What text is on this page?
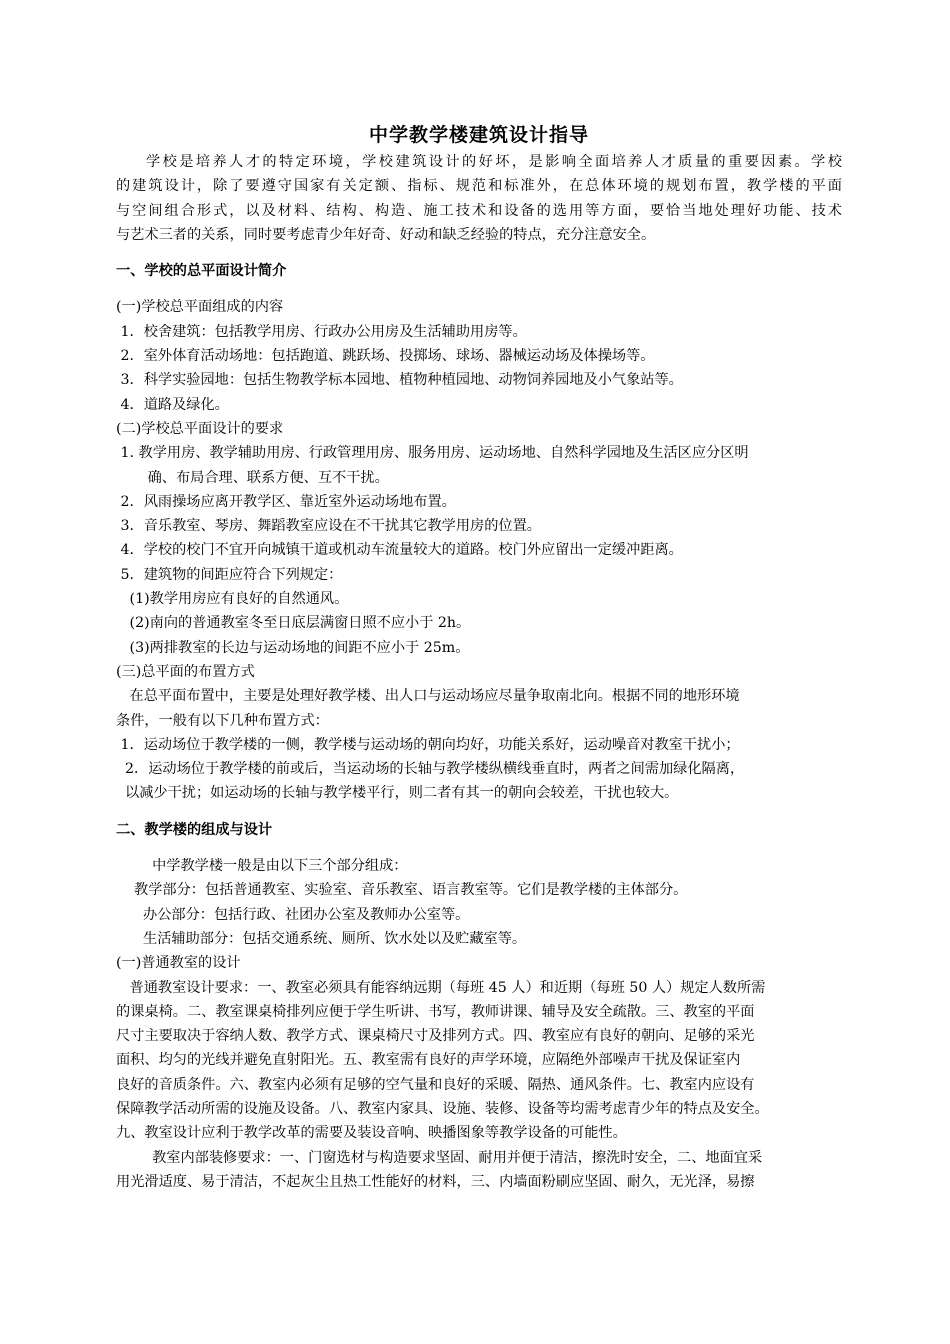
中学教学楼建筑设计指导
学校是培养人才的特定环境，学校建筑设计的好坏，是影响全面培养人才质量的重要因素。学校
的建筑设计，除了要遵守国家有关定额、指标、规范和标准外，在总体环境的规划布置，教学楼的平面
与空间组合形式，以及材料、结构、构造、施工技术和设备的选用等方面，要恰当地处理好功能、技术
与艺术三者的关系，同时要考虑青少年好奇、好动和缺乏经验的特点，充分注意安全。
一、学校的总平面设计简介
(一)学校总平面组成的内容
1．校舍建筑：包括教学用房、行政办公用房及生活辅助用房等。
2．室外体育活动场地：包括跑道、跳跃场、投掷场、球场、器械运动场及体操场等。
3．科学实验园地：包括生物教学标本园地、植物种植园地、动物饲养园地及小气象站等。
4．道路及绿化。
(二)学校总平面设计的要求
1. 教学用房、教学辅助用房、行政管理用房、服务用房、运动场地、自然科学园地及生活区应分区明
确、布局合理、联系方便、互不干扰。
2．风雨操场应离开教学区、靠近室外运动场地布置。
3．音乐教室、琴房、舞蹈教室应设在不干扰其它教学用房的位置。
4．学校的校门不宜开向城镇干道或机动车流量较大的道路。校门外应留出一定缓冲距离。
5．建筑物的间距应符合下列规定：
(1)教学用房应有良好的自然通风。
(2)南向的普通教室冬至日底层满窗日照不应小于 2h。
(3)两排教室的长边与运动场地的间距不应小于 25m。
(三)总平面的布置方式
在总平面布置中，主要是处理好教学楼、出人口与运动场应尽量争取南北向。根据不同的地形环境
条件，一般有以下几种布置方式：
1．运动场位于教学楼的一侧，教学楼与运动场的朝向均好，功能关系好，运动噪音对教室干扰小；
2．运动场位于教学楼的前或后，当运动场的长轴与教学楼纵横线垂直时，两者之间需加绿化隔离，
以减少干扰；如运动场的长轴与教学楼平行，则二者有其一的朝向会较差，干扰也较大。
二、教学楼的组成与设计
中学教学楼一般是由以下三个部分组成：
教学部分：包括普通教室、实验室、音乐教室、语言教室等。它们是教学楼的主体部分。
办公部分：包括行政、社团办公室及教师办公室等。
生活辅助部分：包括交通系统、厕所、饮水处以及贮藏室等。
(一)普通教室的设计
普通教室设计要求：一、教室必须具有能容纳远期（每班 45 人）和近期（每班 50 人）规定人数所需
的课桌椅。二、教室课桌椅排列应便于学生听讲、书写，教师讲课、辅导及安全疏散。三、教室的平面
尺寸主要取决于容纳人数、教学方式、课桌椅尺寸及排列方式。四、教室应有良好的朝向、足够的采光
面积、均匀的光线并避免直射阳光。五、教室需有良好的声学环境，应隔绝外部噪声干扰及保证室内
良好的音质条件。六、教室内必须有足够的空气量和良好的采暖、隔热、通风条件。七、教室内应设有
保障教学活动所需的设施及设备。八、教室内家具、设施、装修、设备等均需考虑青少年的特点及安全。
九、教室设计应利于教学改革的需要及装设音响、映播图象等教学设备的可能性。
教室内部装修要求：一、门窗选材与构造要求坚固、耐用并便于清洁，擦洗时安全，二、地面宜采
用光滑适度、易于清洁，不起灰尘且热工性能好的材料，三、内墙面粉刷应坚固、耐久，无光泽，易擦
